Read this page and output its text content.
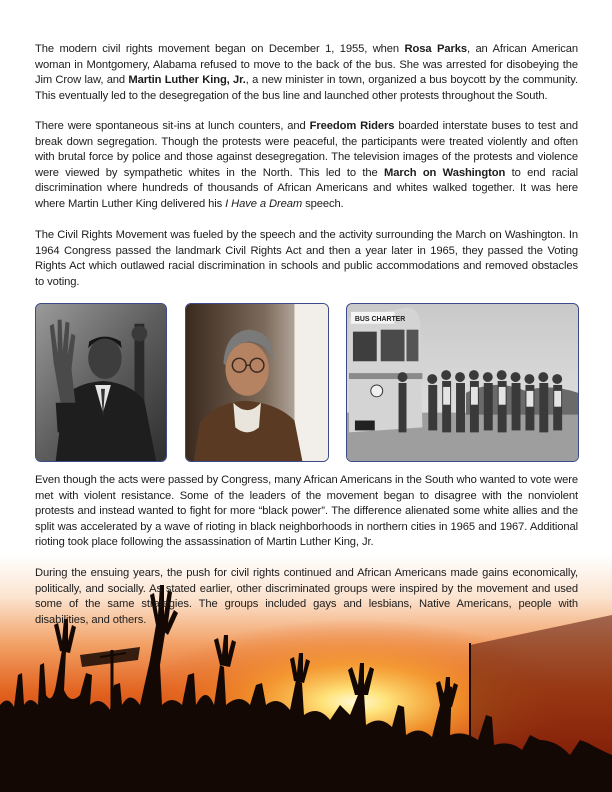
The modern civil rights movement began on December 1, 1955, when Rosa Parks, an African American woman in Montgomery, Alabama refused to move to the back of the bus. She was arrested for disobeying the Jim Crow law, and Martin Luther King, Jr., a new minister in town, organized a bus boycott by the community. This eventually led to the desegregation of the bus line and launched other protests throughout the South.

There were spontaneous sit-ins at lunch counters, and Freedom Riders boarded interstate buses to test and break down segregation. Though the protests were peaceful, the participants were treated violently and often with brutal force by police and those against desegregation. The television images of the protests and violence were viewed by sympathetic whites in the North. This led to the March on Washington to end racial discrimination where hundreds of thousands of African Americans and whites walked together. It was here where Martin Luther King delivered his I Have a Dream speech.

The Civil Rights Movement was fueled by the speech and the activity surrounding the March on Washington. In 1964 Congress passed the landmark Civil Rights Act and then a year later in 1965, they passed the Voting Rights Act which outlawed racial discrimination in schools and public accommodations and removed obstacles to voting.

BUS CHARTER

Even though the acts were passed by Congress, many African Americans in the South who wanted to vote were met with violent resistance. Some of the leaders of the movement began to disagree with the nonviolent protests and instead wanted to fight for more “black power”. The difference alienated some white allies and the split was accelerated by a wave of rioting in black neighborhoods in northern cities in 1965 and 1967. Additional rioting took place following the assassination of Martin Luther King, Jr.

During the ensuing years, the push for civil rights continued and African Americans made gains economically, politically, and socially. As stated earlier, other discriminated groups were inspired by the movement and used some of the same strategies. The groups included gays and lesbians, Native Americans, people with disabilities, and others.
